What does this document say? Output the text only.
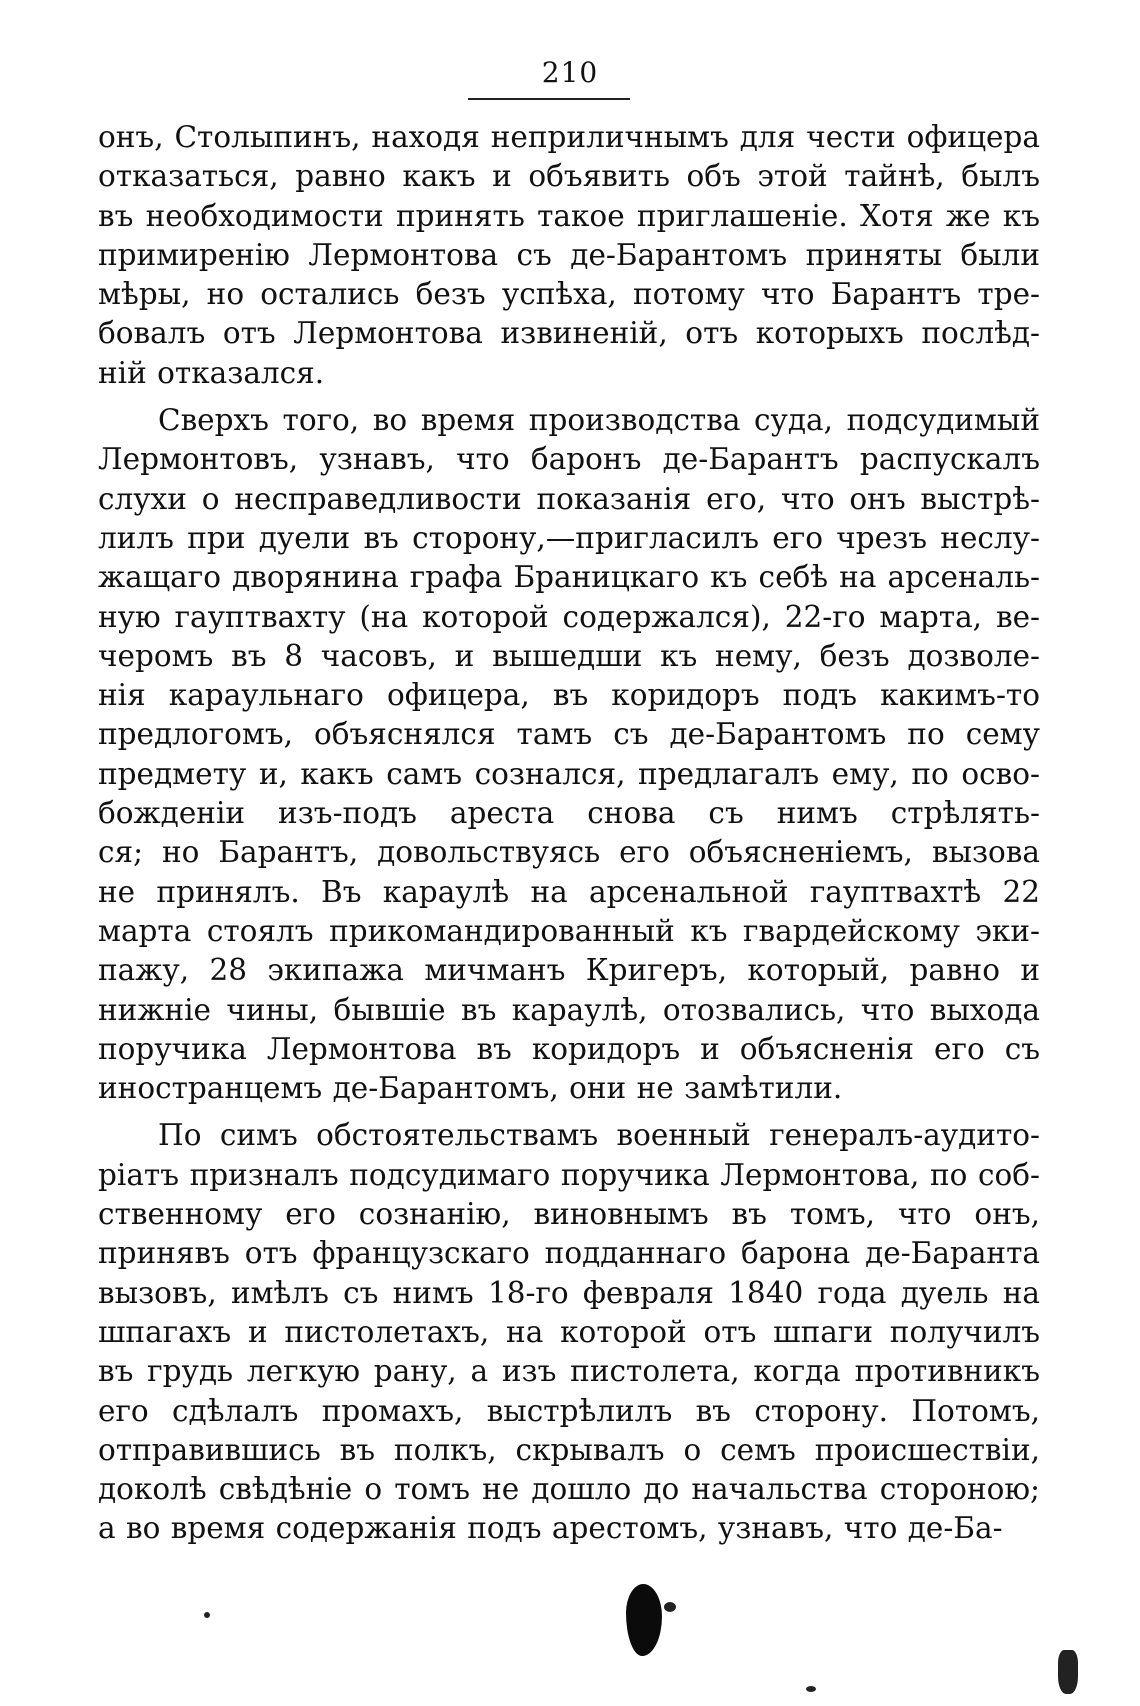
210
онъ, Столыпинъ, находя неприличнымъ для чести офицера
отказаться, равно какъ и объявить объ этой тайнѣ, былъ
въ необходимости принять такое приглашеніе. Хотя же къ
примиренію Лермонтова съ де-Барантомъ приняты были
мѣры, но остались безъ успѣха, потому что Барантъ тре-
бовалъ отъ Лермонтова извиненій, отъ которыхъ послѣд-
ній отказался.
Сверхъ того, во время производства суда, подсудимый
Лермонтовъ, узнавъ, что баронъ де-Барантъ распускалъ
слухи о несправедливости показанія его, что онъ выстрѣ-
лилъ при дуели въ сторону,—пригласилъ его чрезъ неслу-
жащаго дворянина графа Браницкаго къ себѣ на арсеналь-
ную гауптвахту (на которой содержался), 22-го марта, ве-
черомъ въ 8 часовъ, и вышедши къ нему, безъ дозволе-
нія караульнаго офицера, въ коридоръ подъ какимъ-то
предлогомъ, объяснялся тамъ съ де-Барантомъ по сему
предмету и, какъ самъ сознался, предлагалъ ему, по осво-
божденіи изъ-подъ ареста снова съ нимъ стрѣлять-
ся; но Барантъ, довольствуясь его объясненіемъ, вызова
не принялъ. Въ караулѣ на арсенальной гауптвахтѣ 22
марта стоялъ прикомандированный къ гвардейскому эки-
пажу, 28 экипажа мичманъ Кригеръ, который, равно и
нижніе чины, бывшіе въ караулѣ, отозвались, что выхода
поручика Лермонтова въ коридоръ и объясненія его съ
иностранцемъ де-Барантомъ, они не замѣтили.
По симъ обстоятельствамъ военный генералъ-аудито-
ріатъ призналъ подсудимаго поручика Лермонтова, по соб-
ственному его сознанію, виновнымъ въ томъ, что онъ,
принявъ отъ французскаго подданнаго барона де-Баранта
вызовъ, имѣлъ съ нимъ 18-го февраля 1840 года дуель на
шпагахъ и пистолетахъ, на которой отъ шпаги получилъ
въ грудь легкую рану, а изъ пистолета, когда противникъ
его сдѣлалъ промахъ, выстрѣлилъ въ сторону. Потомъ,
отправившись въ полкъ, скрывалъ о семъ происшествіи,
доколѣ свѣдѣніе о томъ не дошло до начальства стороною;
а во время содержанія подъ арестомъ, узнавъ, что де-Ба-
